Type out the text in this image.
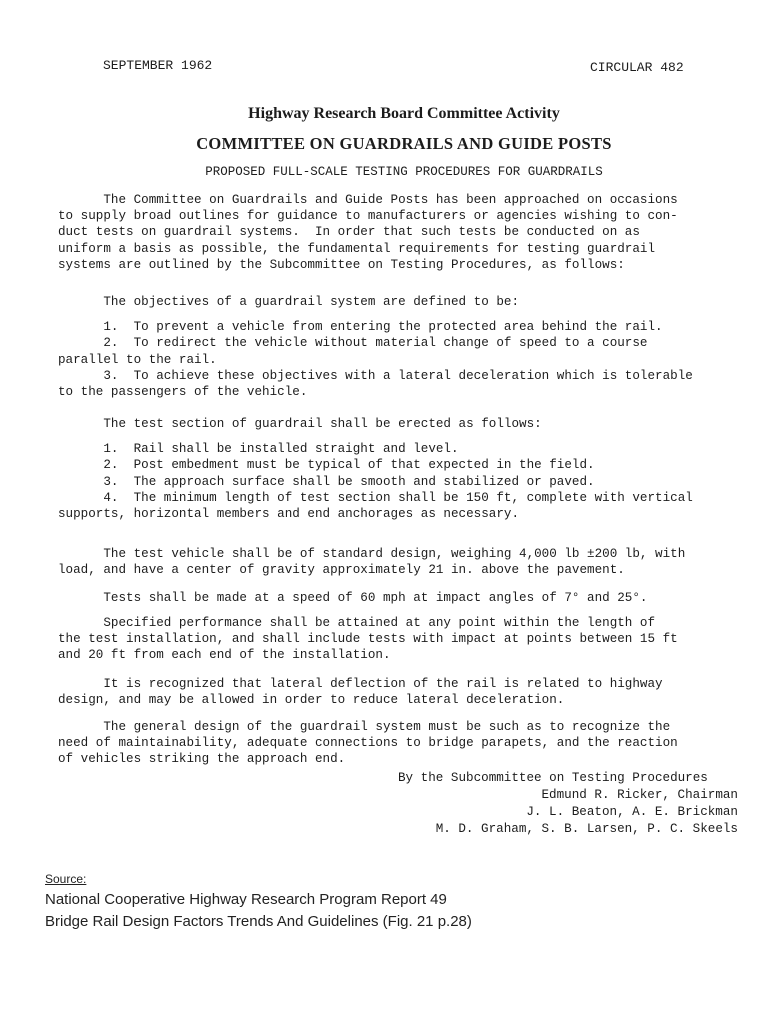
SEPTEMBER 1962	CIRCULAR 482
Highway Research Board Committee Activity
COMMITTEE ON GUARDRAILS AND GUIDE POSTS
PROPOSED FULL-SCALE TESTING PROCEDURES FOR GUARDRAILS
The Committee on Guardrails and Guide Posts has been approached on occasions
to supply broad outlines for guidance to manufacturers or agencies wishing to con-
duct tests on guardrail systems.  In order that such tests be conducted on as
uniform a basis as possible, the fundamental requirements for testing guardrail
systems are outlined by the Subcommittee on Testing Procedures, as follows:
The objectives of a guardrail system are defined to be:
1.  To prevent a vehicle from entering the protected area behind the rail.
2.  To redirect the vehicle without material change of speed to a course
parallel to the rail.
3.  To achieve these objectives with a lateral deceleration which is tolerable
to the passengers of the vehicle.
The test section of guardrail shall be erected as follows:
1.  Rail shall be installed straight and level.
2.  Post embedment must be typical of that expected in the field.
3.  The approach surface shall be smooth and stabilized or paved.
4.  The minimum length of test section shall be 150 ft, complete with vertical
supports, horizontal members and end anchorages as necessary.
The test vehicle shall be of standard design, weighing 4,000 lb ±200 lb, with
load, and have a center of gravity approximately 21 in. above the pavement.
Tests shall be made at a speed of 60 mph at impact angles of 7° and 25°.
Specified performance shall be attained at any point within the length of
the test installation, and shall include tests with impact at points between 15 ft
and 20 ft from each end of the installation.
It is recognized that lateral deflection of the rail is related to highway
design, and may be allowed in order to reduce lateral deceleration.
The general design of the guardrail system must be such as to recognize the
need of maintainability, adequate connections to bridge parapets, and the reaction
of vehicles striking the approach end.
By the Subcommittee on Testing Procedures
Edmund R. Ricker, Chairman
J. L. Beaton, A. E. Brickman
M. D. Graham, S. B. Larsen, P. C. Skeels
Source:
National Cooperative Highway Research Program Report 49
Bridge Rail Design Factors Trends And Guidelines (Fig. 21 p.28)
